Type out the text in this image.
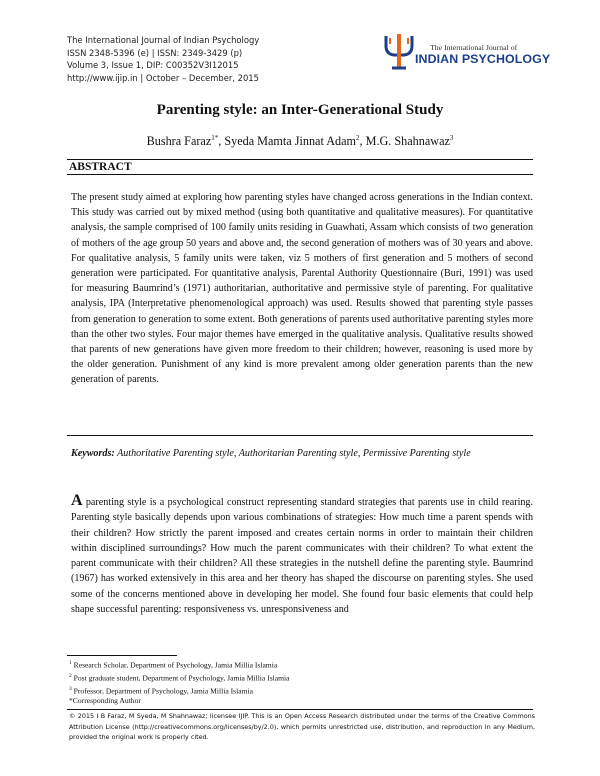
The International Journal of Indian Psychology
ISSN 2348-5396 (e) | ISSN: 2349-3429 (p)
Volume 3, Issue 1, DIP: C00352V3I12015
http://www.ijip.in | October – December, 2015
The International Journal of
INDIAN PSYCHOLOGY
Parenting style: an Inter-Generational Study
Bushra Faraz$^{1*}$, Syeda Mamta Jinnat Adam$^2$, M.G. Shahnawaz$^3$
ABSTRACT
The present study aimed at exploring how parenting styles have changed across generations in the Indian context. This study was carried out by mixed method (using both quantitative and qualitative measures). For quantitative analysis, the sample comprised of 100 family units residing in Guawhati, Assam which consists of two generation of mothers of the age group 50 years and above and, the second generation of mothers was of 30 years and above. For qualitative analysis, 5 family units were taken, viz 5 mothers of first generation and 5 mothers of second generation were participated. For quantitative analysis, Parental Authority Questionnaire (Buri, 1991) was used for measuring Baumrind’s (1971) authoritarian, authoritative and permissive style of parenting. For qualitative analysis, IPA (Interpretative phenomenological approach) was used. Results showed that parenting style passes from generation to generation to some extent. Both generations of parents used authoritative parenting styles more than the other two styles. Four major themes have emerged in the qualitative analysis. Qualitative results showed that parents of new generations have given more freedom to their children; however, reasoning is used more by the older generation. Punishment of any kind is more prevalent among older generation parents than the new generation of parents.
Keywords: Authoritative Parenting style, Authoritarian Parenting style, Permissive Parenting style
A parenting style is a psychological construct representing standard strategies that parents use in child rearing. Parenting style basically depends upon various combinations of strategies: How much time a parent spends with their children? How strictly the parent imposed and creates certain norms in order to maintain their children within disciplined surroundings? How much the parent communicates with their children? To what extent the parent communicate with their children? All these strategies in the nutshell define the parenting style. Baumrind (1967) has worked extensively in this area and her theory has shaped the discourse on parenting styles. She used some of the concerns mentioned above in developing her model. She found four basic elements that could help shape successful parenting: responsiveness vs. unresponsiveness and
$^1$ Research Scholar, Department of Psychology, Jamia Millia Islamia
$^2$ Post graduate student, Department of Psychology, Jamia Millia Islamia
$^3$ Professor, Department of Psychology, Jamia Millia Islamia
*Corresponding Author
© 2015 I B Faraz, M Syeda, M Shahnawaz; licensee IJIP. This is an Open Access Research distributed under the terms of the Creative Commons Attribution License (http://creativecommons.org/licenses/by/2.0), which permits unrestricted use, distribution, and reproduction in any Medium, provided the original work is properly cited.
